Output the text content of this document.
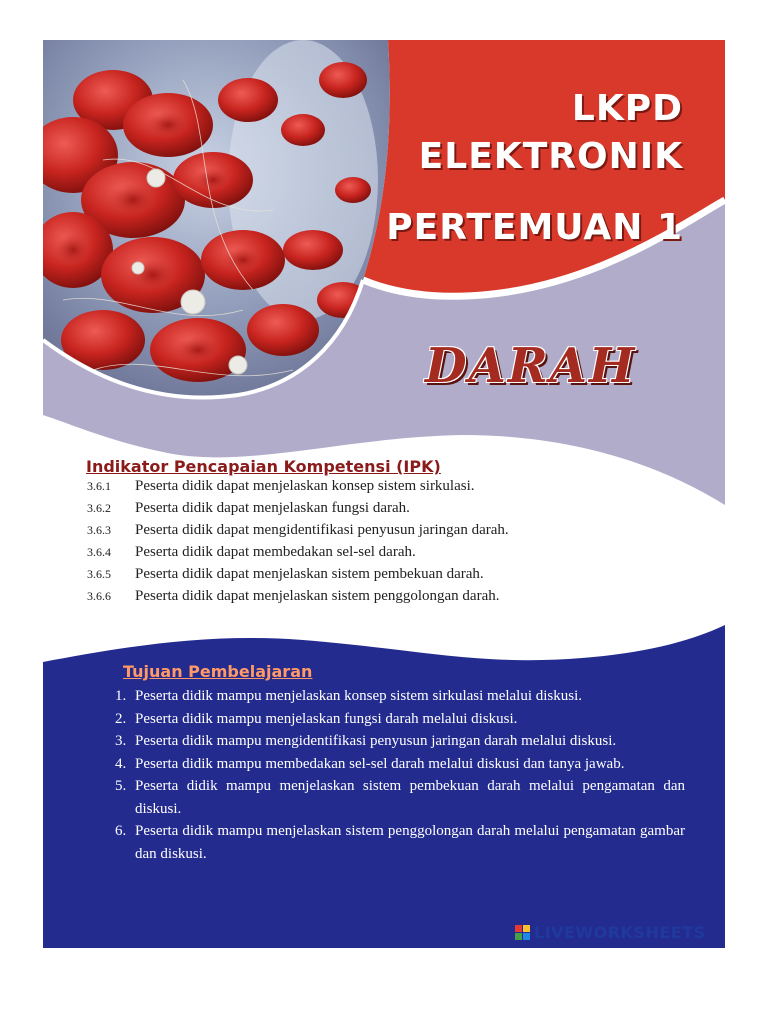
LKPD
ELEKTRONIK
PERTEMUAN 1
DARAH
Indikator Pencapaian Kompetensi (IPK)
3.6.1	Peserta didik dapat menjelaskan konsep sistem sirkulasi.
3.6.2	Peserta didik dapat menjelaskan fungsi darah.
3.6.3	Peserta didik dapat mengidentifikasi penyusun jaringan darah.
3.6.4	Peserta didik dapat membedakan sel-sel darah.
3.6.5	Peserta didik dapat menjelaskan sistem pembekuan darah.
3.6.6	Peserta didik dapat menjelaskan sistem penggolongan darah.
Tujuan Pembelajaran
1. Peserta didik mampu menjelaskan konsep sistem sirkulasi melalui diskusi.
2. Peserta didik mampu menjelaskan fungsi darah melalui diskusi.
3. Peserta didik mampu mengidentifikasi penyusun jaringan darah melalui diskusi.
4. Peserta didik mampu membedakan sel-sel darah melalui diskusi dan tanya jawab.
5. Peserta didik mampu menjelaskan sistem pembekuan darah melalui pengamatan dan diskusi.
6. Peserta didik mampu menjelaskan sistem penggolongan darah melalui pengamatan gambar dan diskusi.
LIVEWORKSHEETS
